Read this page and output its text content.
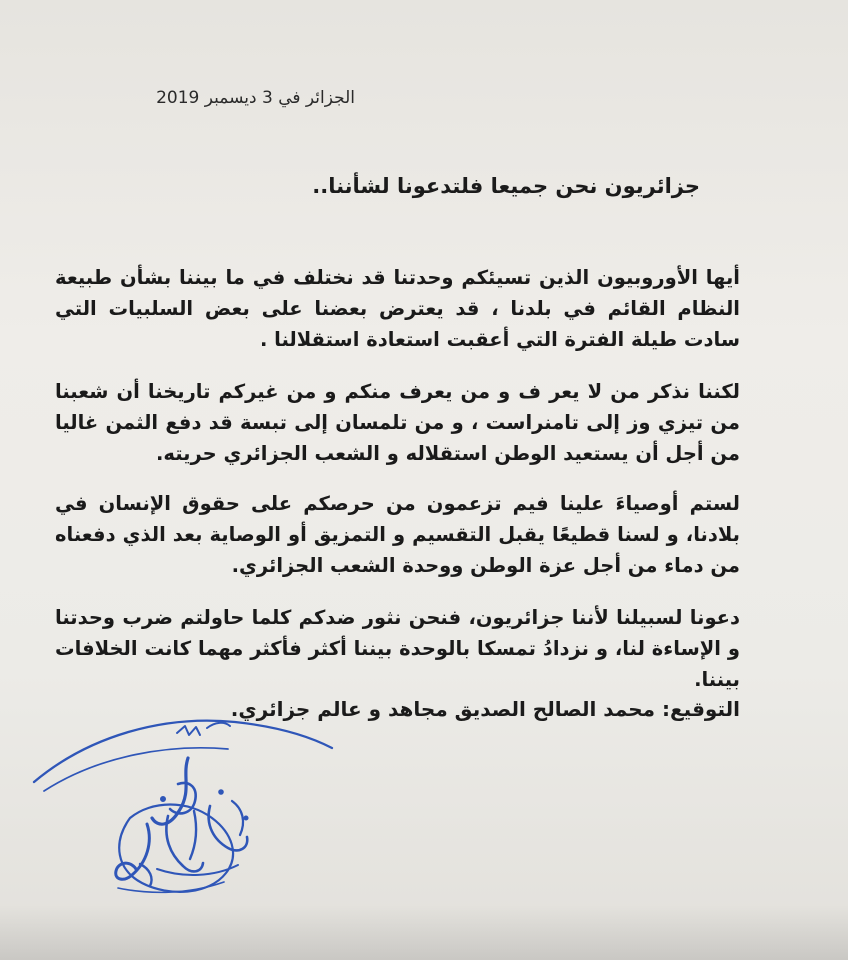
الجزائر في 3 ديسمبر 2019
جزائريون نحن جميعا فلتدعونا لشأننا..
أيها الأوروبيون الذين تسيئكم وحدتنا قد نختلف في ما بيننا بشأن طبيعة النظام القائم في بلدنا ، قد يعترض بعضنا على بعض السلبيات التي سادت طيلة الفترة التي أعقبت استعادة استقلالنا .
لكننا نذكر من لا يعر ف و من يعرف منكم و من غيركم تاريخنا أن شعبنا من تيزي وز إلى تامنراست ، و من تلمسان إلى تبسة قد دفع الثمن غاليا من أجل أن يستعيد الوطن استقلاله و الشعب الجزائري حريته.
لستم أوصياءَ علينا فيم تزعمون من حرصكم على حقوق الإنسان في بلادنا، و لسنا قطيعًا يقبل التقسيم و التمزيق أو الوصاية بعد الذي دفعناه من دماء من أجل عزة الوطن ووحدة الشعب الجزائري.
دعونا لسبيلنا لأننا جزائريون، فنحن نثور ضدكم كلما حاولتم ضرب وحدتنا و الإساءة لنا، و نزدادُ تمسكا بالوحدة بيننا أكثر فأكثر مهما كانت الخلافات بيننا.
التوقيع: محمد الصالح الصديق مجاهد و عالم جزائري.
